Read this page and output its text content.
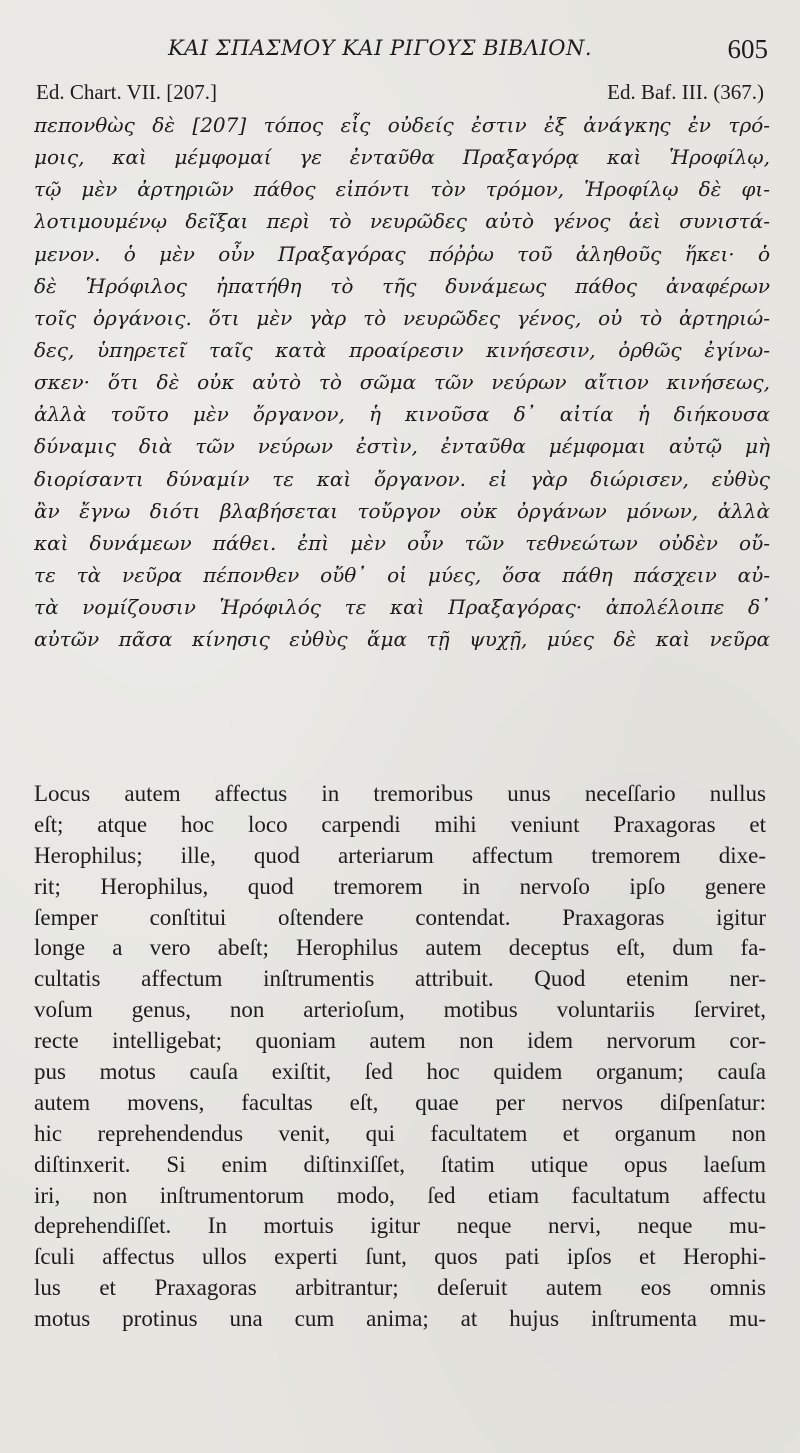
ΚΑΙ ΣΠΑΣΜΟΥ ΚΑΙ ΡΙΓΟΥΣ ΒΙΒΛΙΟΝ.	605
Ed. Chart. VII. [207.]	Ed. Baf. III. (367.)
πεπονθὼς δὲ [207] τόπος εἷς οὐδείς ἐστιν ἐξ ἀνάγκης ἐν τρό-
μοις, καὶ μέμφομαί γε ἐνταῦθα Πραξαγόρᾳ καὶ Ἡροφίλῳ,
τῷ μὲν ἀρτηριῶν πάθος εἰπόντι τὸν τρόμον, Ἡροφίλῳ δὲ φι-
λοτιμουμένῳ δεῖξαι περὶ τὸ νευρῶδες αὐτὸ γένος ἀεὶ συνιστά-
μενον. ὁ μὲν οὖν Πραξαγόρας πόῤῥω τοῦ ἀληθοῦς ἥκει· ὁ
δὲ Ἡρόφιλος ἠπατήθη τὸ τῆς δυνάμεως πάθος ἀναφέρων
τοῖς ὀργάνοις. ὅτι μὲν γὰρ τὸ νευρῶδες γένος, οὐ τὸ ἀρτηριώ-
δες, ὑπηρετεῖ ταῖς κατὰ προαίρεσιν κινήσεσιν, ὀρθῶς ἐγίνω-
σκεν· ὅτι δὲ οὐκ αὐτὸ τὸ σῶμα τῶν νεύρων αἴτιον κινήσεως,
ἀλλὰ τοῦτο μὲν ὄργανον, ἡ κινοῦσα δ᾽ αἰτία ἡ διήκουσα
δύναμις διὰ τῶν νεύρων ἐστὶν, ἐνταῦθα μέμφομαι αὐτῷ μὴ
διορίσαντι δύναμίν τε καὶ ὄργανον. εἰ γὰρ διώρισεν, εὐθὺς
ἂν ἔγνω διότι βλαβήσεται τοὔργον οὐκ ὀργάνων μόνων, ἀλλὰ
καὶ δυνάμεων πάθει. ἐπὶ μὲν οὖν τῶν τεθνεώτων οὐδὲν οὔ-
τε τὰ νεῦρα πέπονθεν οὔθ᾽ οἱ μύες, ὅσα πάθη πάσχειν αὐ-
τὰ νομίζουσιν Ἡρόφιλός τε καὶ Πραξαγόρας· ἀπολέλοιπε δ᾽
αὐτῶν πᾶσα κίνησις εὐθὺς ἅμα τῇ ψυχῇ, μύες δὲ καὶ νεῦρα
Locus autem affectus in tremoribus unus neceſſario nullus
eſt; atque hoc loco carpendi mihi veniunt Praxagoras et
Herophilus; ille, quod arteriarum affectum tremorem dixe-
rit; Herophilus, quod tremorem in nervoſo ipſo genere
ſemper conſtitui oſtendere contendat. Praxagoras igitur
longe a vero abeſt; Herophilus autem deceptus eſt, dum fa-
cultatis affectum inſtrumentis attribuit. Quod etenim ner-
voſum genus, non arterioſum, motibus voluntariis ſerviret,
recte intelligebat; quoniam autem non idem nervorum cor-
pus motus cauſa exiſtit, ſed hoc quidem organum; cauſa
autem movens, facultas eſt, quae per nervos diſpenſatur:
hic reprehendendus venit, qui facultatem et organum non
diſtinxerit. Si enim diſtinxiſſet, ſtatim utique opus laeſum
iri, non inſtrumentorum modo, ſed etiam facultatum affectu
deprehendiſſet. In mortuis igitur neque nervi, neque mu-
ſculi affectus ullos experti ſunt, quos pati ipſos et Herophi-
lus et Praxagoras arbitrantur; deſeruit autem eos omnis
motus protinus una cum anima; at hujus inſtrumenta mu-
